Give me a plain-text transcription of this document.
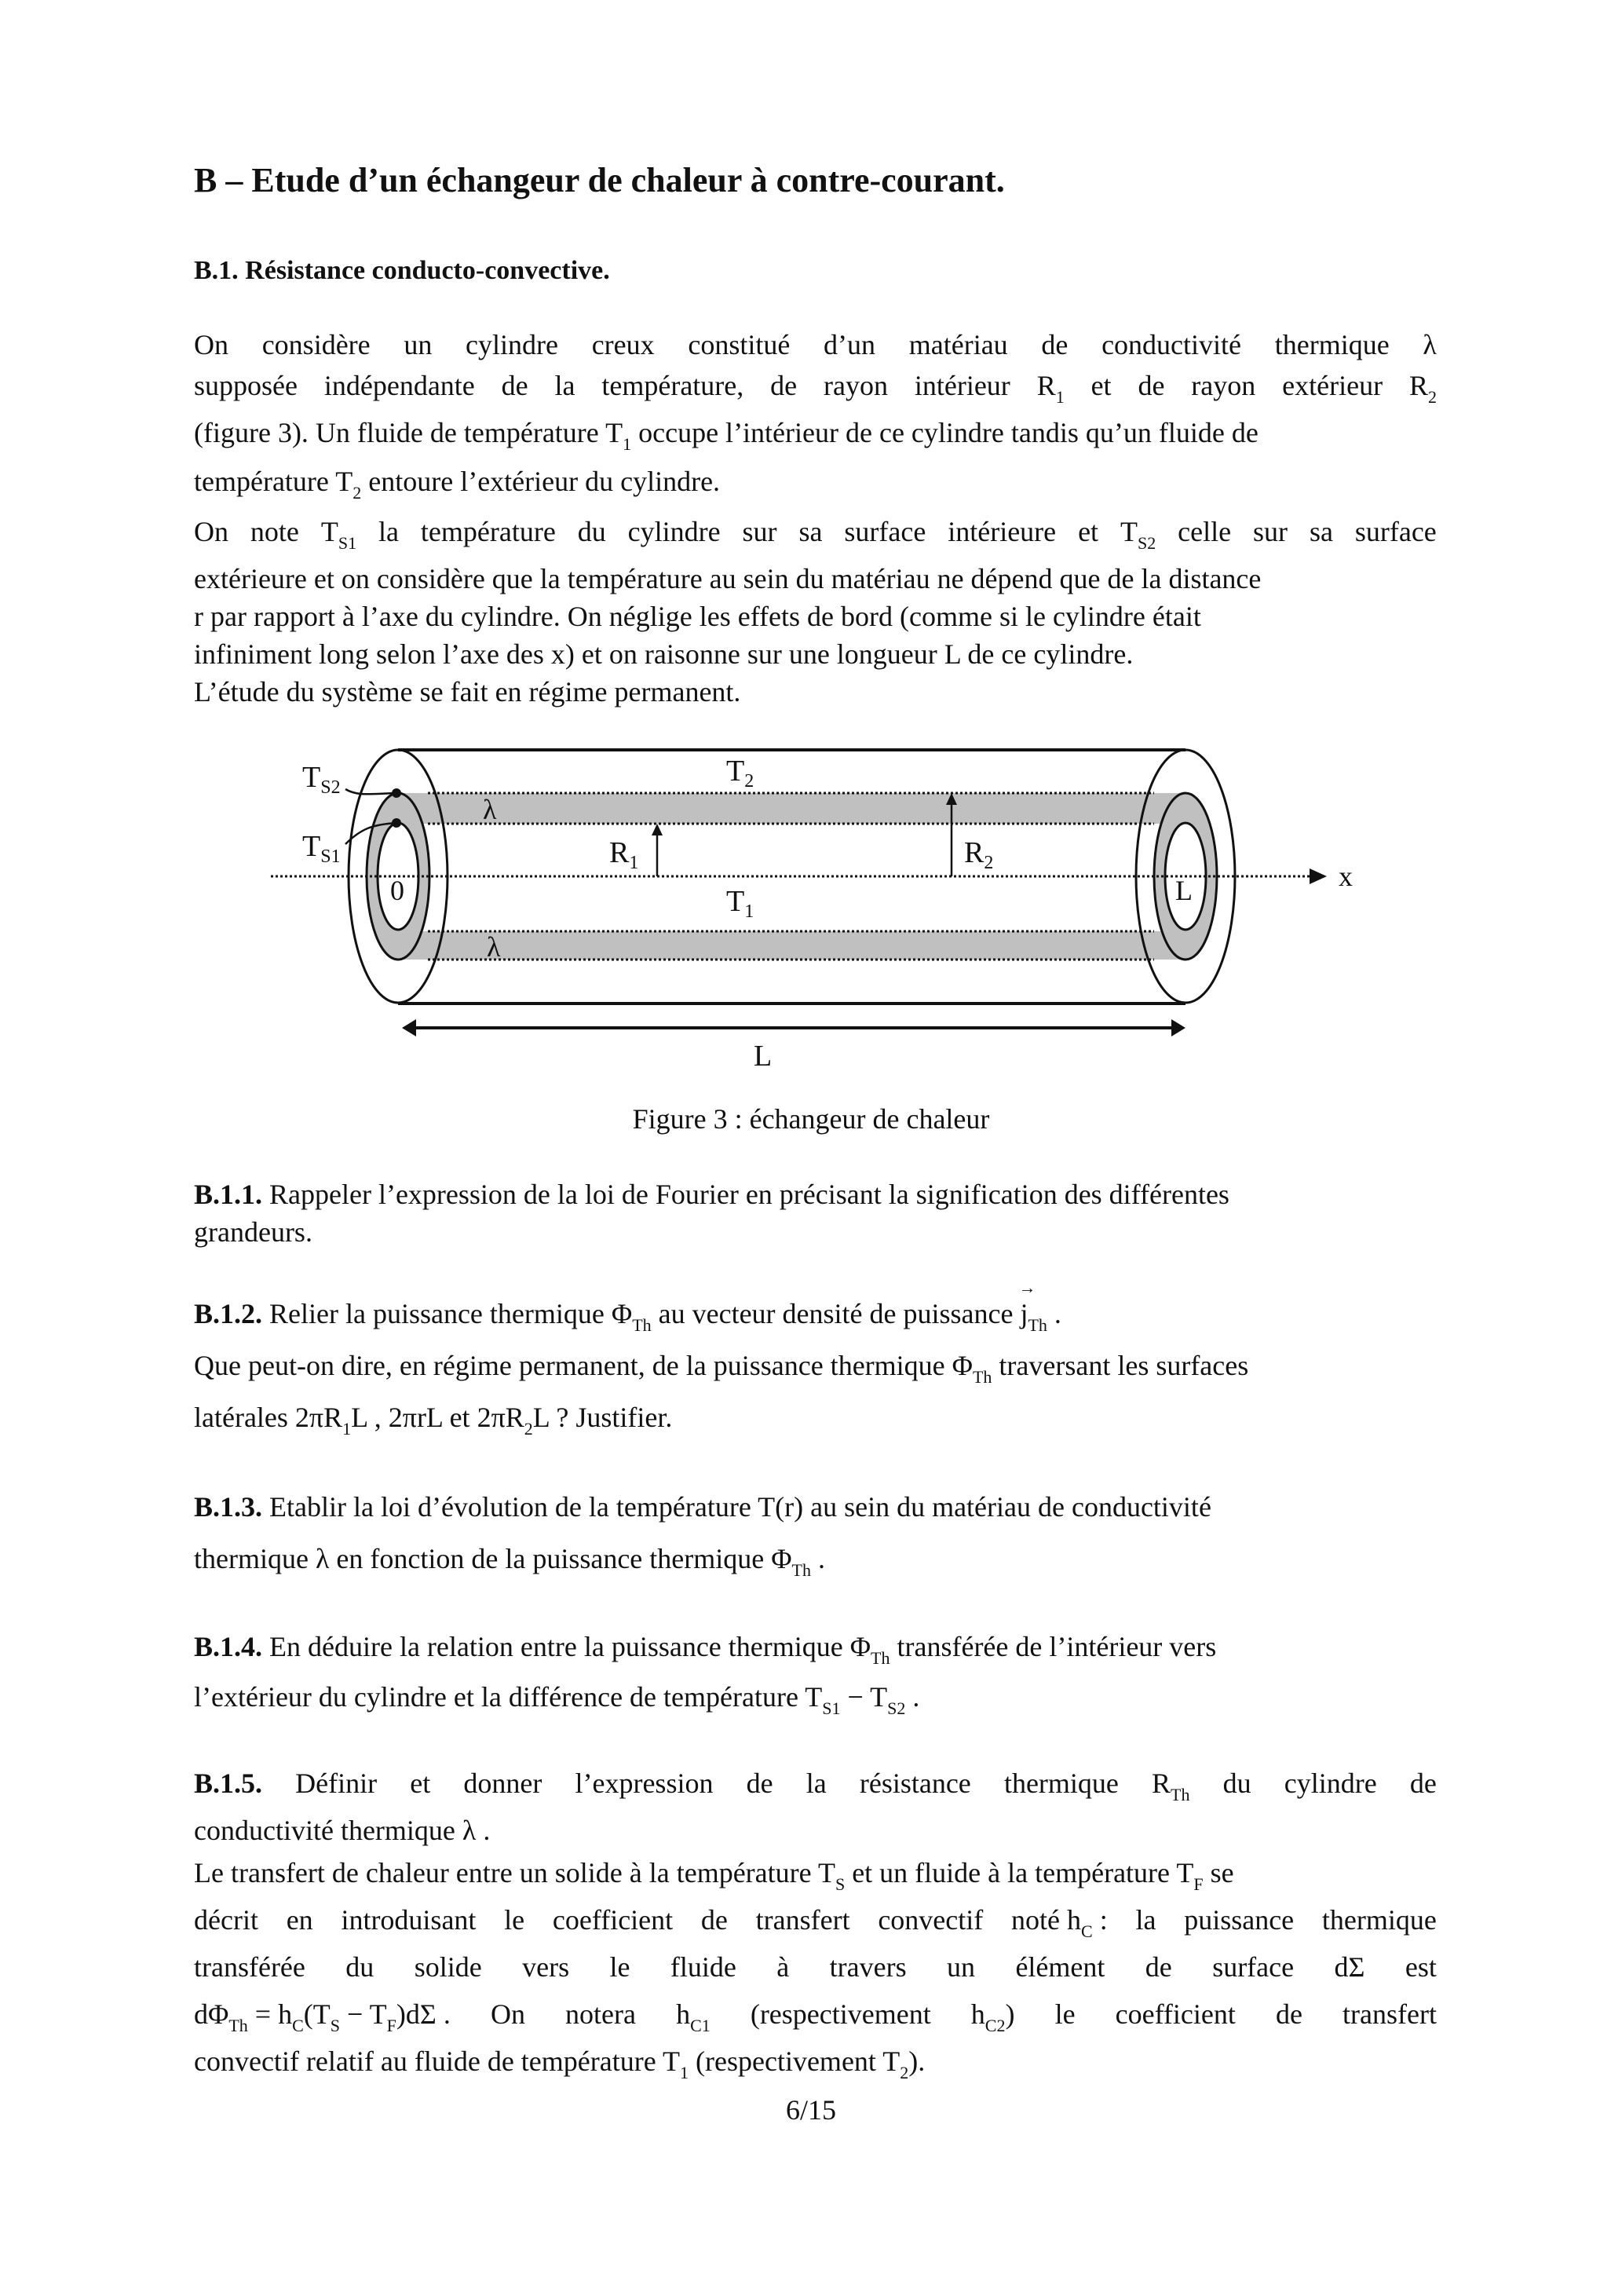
B – Etude d’un échangeur de chaleur à contre-courant.
B.1. Résistance conducto-convective.
On considère un cylindre creux constitué d’un matériau de conductivité thermique λ
supposée indépendante de la température, de rayon intérieur $R_1$ et de rayon extérieur $R_2$
(figure 3). Un fluide de température $T_1$ occupe l’intérieur de ce cylindre tandis qu’un fluide de
température $T_2$ entoure l’extérieur du cylindre.
On note $T_{S1}$ la température du cylindre sur sa surface intérieure et $T_{S2}$ celle sur sa surface
extérieure et on considère que la température au sein du matériau ne dépend que de la distance
r par rapport à l’axe du cylindre. On néglige les effets de bord (comme si le cylindre était
infiniment long selon l’axe des x) et on raisonne sur une longueur L de ce cylindre.
L’étude du système se fait en régime permanent.
$T_{S2}$
$T_{S1}$
$T_2$
$T_1$
$R_1$	$R_2$
λ
λ
0	L	x
L
Figure 3 : échangeur de chaleur
B.1.1. Rappeler l’expression de la loi de Fourier en précisant la signification des différentes
grandeurs.
B.1.2. Relier la puissance thermique $\Phi_{Th}$ au vecteur densité de puissance j
→
$_{Th}$ .
Que peut-on dire, en régime permanent, de la puissance thermique $\Phi_{Th}$ traversant les surfaces
latérales $2\pi R_1L$ , 2πrL et $2\pi R_2L$ ? Justifier.
B.1.3. Etablir la loi d’évolution de la température T(r) au sein du matériau de conductivité
thermique λ en fonction de la puissance thermique $\Phi_{Th}$ .
B.1.4. En déduire la relation entre la puissance thermique $\Phi_{Th}$ transférée de l’intérieur vers
l’extérieur du cylindre et la différence de température $T_{S1} - T_{S2}$ .
B.1.5. Définir et donner l’expression de la résistance thermique $R_{Th}$ du cylindre de
conductivité thermique λ .
Le transfert de chaleur entre un solide à la température $T_S$ et un fluide à la température $T_F$ se
décrit en introduisant le coefficient de transfert convectif noté $h_C$ : la puissance thermique
transférée du solide vers le fluide à travers un élément de surface dΣ est
$d\Phi_{Th} = h_C(T_S - T_F)d\Sigma$ . On notera $h_{C1}$ (respectivement $h_{C2}$) le coefficient de transfert
convectif relatif au fluide de température $T_1$ (respectivement $T_2$).
6/15
